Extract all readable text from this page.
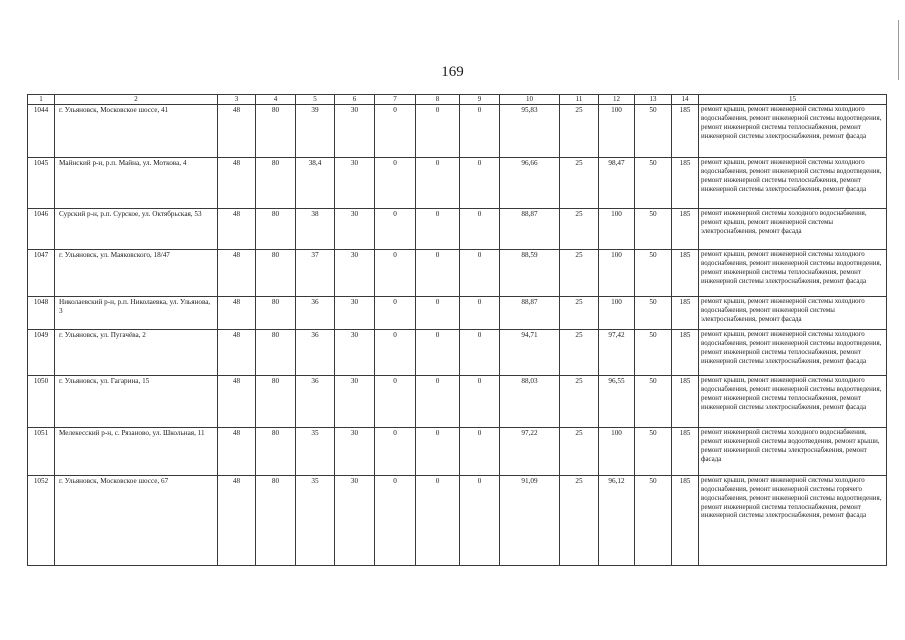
169
1	2	3	4	5	6	7	8	9	10	11	12	13	14	15
1044	г. Ульяновск, Московское шоссе, 41	48	80	39	30	0	0	0	95,83	25	100	50	185	ремонт крыши, ремонт инженерной системы холодного водоснабжения, ремонт инженерной системы водоотведения, ремонт инженерной системы теплоснабжения, ремонт инженерной системы электроснабжения, ремонт фасада
1045	Майнский р-н, р.п. Майна, ул. Моткова, 4	48	80	38,4	30	0	0	0	96,66	25	98,47	50	185	ремонт крыши, ремонт инженерной системы холодного водоснабжения, ремонт инженерной системы водоотведения, ремонт инженерной системы теплоснабжения, ремонт инженерной системы электроснабжения, ремонт фасада
1046	Сурский р-н, р.п. Сурское, ул. Октябрьская, 53	48	80	38	30	0	0	0	88,87	25	100	50	185	ремонт инженерной системы холодного водоснабжения, ремонт крыши, ремонт инженерной системы электроснабжения, ремонт фасада
1047	г. Ульяновск, ул. Маяковского, 18/47	48	80	37	30	0	0	0	88,59	25	100	50	185	ремонт крыши, ремонт инженерной системы холодного водоснабжения, ремонт инженерной системы водоотведения, ремонт инженерной системы теплоснабжения, ремонт инженерной системы электроснабжения, ремонт фасада
1048	Николаевский р-н, р.п. Николаевка, ул. Ульянова, 3	48	80	36	30	0	0	0	88,87	25	100	50	185	ремонт крыши, ремонт инженерной системы холодного водоснабжения, ремонт инженерной системы электроснабжения, ремонт фасада
1049	г. Ульяновск, ул. Пугачёва, 2	48	80	36	30	0	0	0	94,71	25	97,42	50	185	ремонт крыши, ремонт инженерной системы холодного водоснабжения, ремонт инженерной системы водоотведения, ремонт инженерной системы теплоснабжения, ремонт инженерной системы электроснабжения, ремонт фасада
1050	г. Ульяновск, ул. Гагарина, 15	48	80	36	30	0	0	0	88,03	25	96,55	50	185	ремонт крыши, ремонт инженерной системы холодного водоснабжения, ремонт инженерной системы водоотведения, ремонт инженерной системы теплоснабжения, ремонт инженерной системы электроснабжения, ремонт фасада
1051	Мелекесский р-н, с. Рязаново, ул. Школьная, 11	48	80	35	30	0	0	0	97,22	25	100	50	185	ремонт инженерной системы холодного водоснабжения, ремонт инженерной системы водоотведения, ремонт крыши, ремонт инженерной системы электроснабжения, ремонт фасада
1052	г. Ульяновск, Московское шоссе, 67	48	80	35	30	0	0	0	91,09	25	96,12	50	185	ремонт крыши, ремонт инженерной системы холодного водоснабжения, ремонт инженерной системы горячего водоснабжения, ремонт инженерной системы водоотведения, ремонт инженерной системы теплоснабжения, ремонт инженерной системы электроснабжения, ремонт фасада
